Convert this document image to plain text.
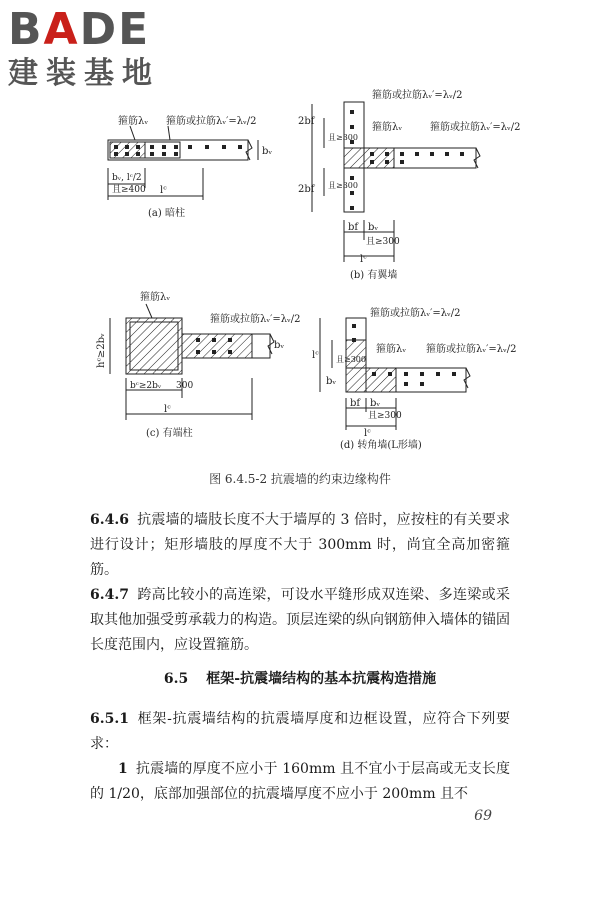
BADE
建装基地
箍筋λᵥ 箍筋或拉筋λᵥ′=λᵥ/2
bᵥ
bᵥ, lᶜ/2
且≥400 lᶜ
(a) 暗柱
箍筋或拉筋λᵥ′=λᵥ/2
箍筋λᵥ	箍筋或拉筋λᵥ′=λᵥ/2
2bf
2bf
且≥300
且≥300
bf bᵥ
且≥300
lᶜ
(b) 有翼墙
箍筋λᵥ
箍筋或拉筋λᵥ′=λᵥ/2
hᶜ≥2bᵥ
bᶜ≥2bᵥ 300
lᶜ
bᵥ
(c) 有端柱
箍筋或拉筋λᵥ′=λᵥ/2
箍筋λᵥ 箍筋或拉筋λᵥ′=λᵥ/2
且≥300
lᶜ
bᵥ
bf bᵥ
且≥300
lᶜ
(d) 转角墙(L形墙)
图 6.4.5-2 抗震墙的约束边缘构件
6.4.6 抗震墙的墙肢长度不大于墙厚的 3 倍时，应按柱的有关要求进行设计；矩形墙肢的厚度不大于 300mm 时，尚宜全高加密箍筋。
6.4.7 跨高比较小的高连梁，可设水平缝形成双连梁、多连梁或采取其他加强受剪承载力的构造。顶层连梁的纵向钢筋伸入墙体的锚固长度范围内，应设置箍筋。
6.5 框架-抗震墙结构的基本抗震构造措施
6.5.1 框架-抗震墙结构的抗震墙厚度和边框设置，应符合下列要求：
1 抗震墙的厚度不应小于 160mm 且不宜小于层高或无支长度的 1/20，底部加强部位的抗震墙厚度不应小于 200mm 且不
69
